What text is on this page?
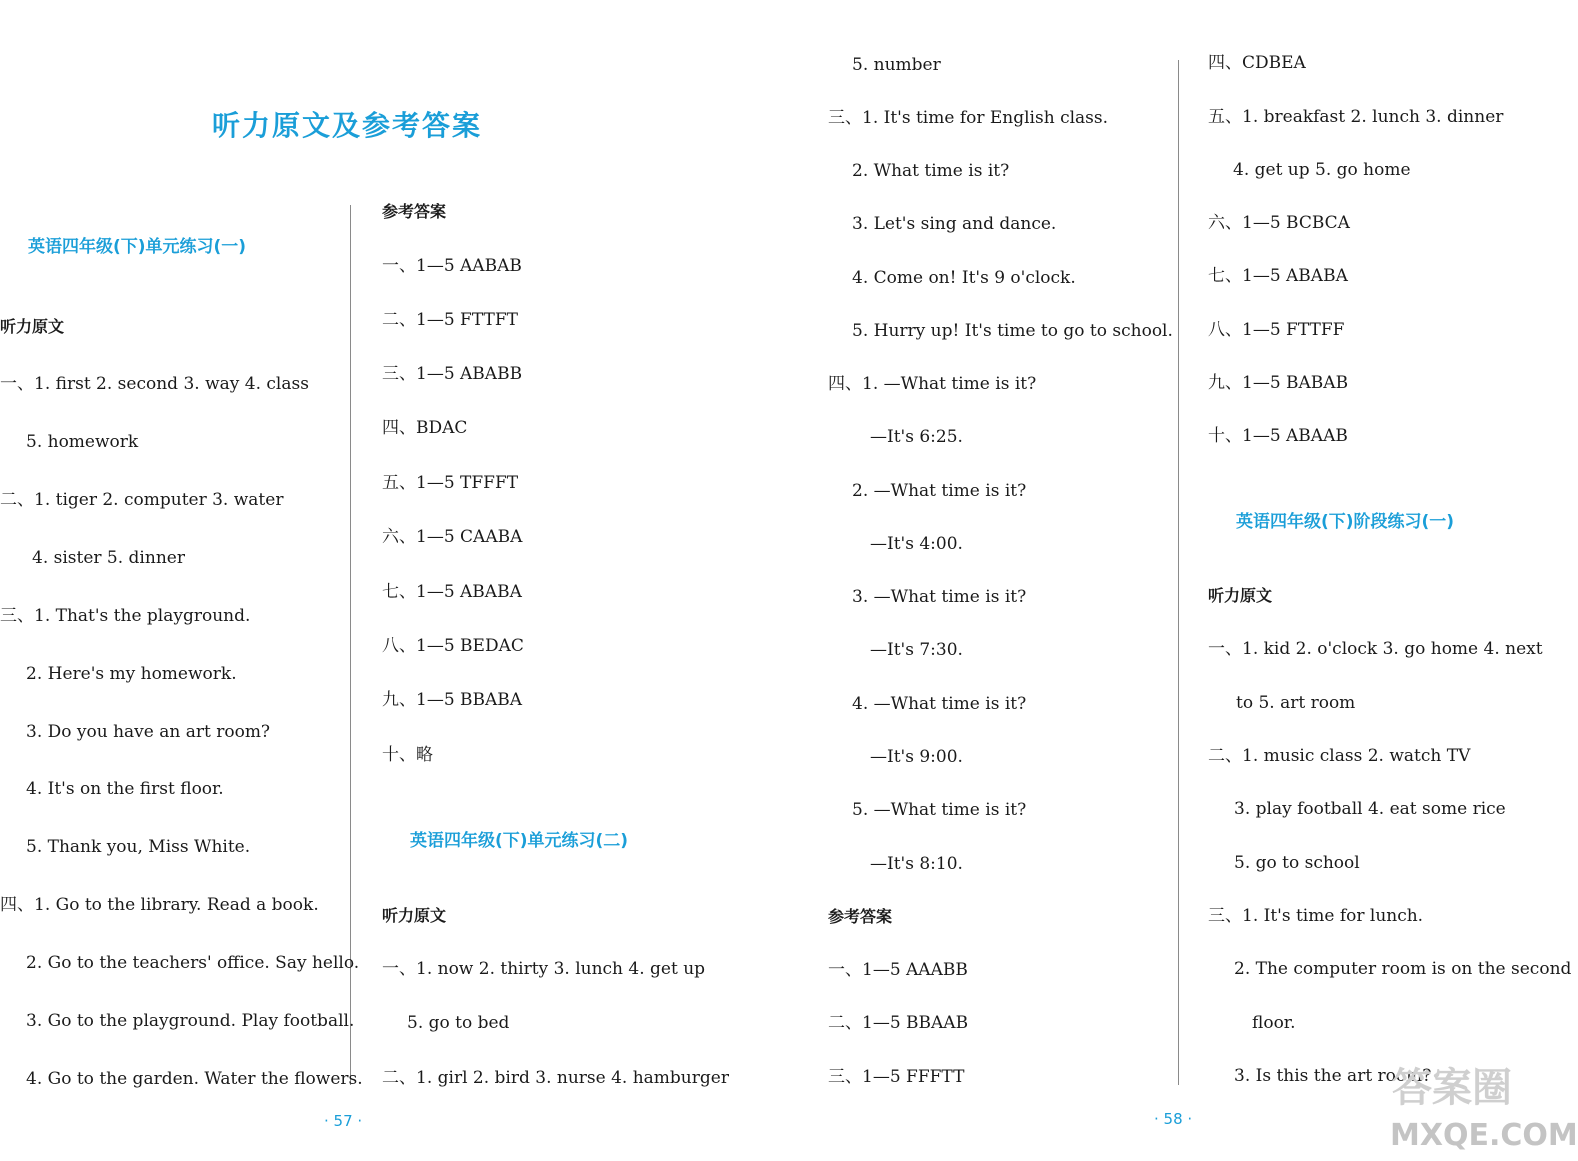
听力原文及参考答案
英语四年级(下)单元练习(一)
听力原文
一、1. first 2. second 3. way 4. class
5. homework
二、1. tiger 2. computer 3. water
4. sister 5. dinner
三、1. That's the playground.
2. Here's my homework.
3. Do you have an art room?
4. It's on the first floor.
5. Thank you, Miss White.
四、1. Go to the library. Read a book.
2. Go to the teachers' office. Say hello.
3. Go to the playground. Play football.
4. Go to the garden. Water the flowers.
参考答案
一、1—5 AABAB
二、1—5 FTTFT
三、1—5 ABABB
四、BDAC
五、1—5 TFFFT
六、1—5 CAABA
七、1—5 ABABA
八、1—5 BEDAC
九、1—5 BBABA
十、略
英语四年级(下)单元练习(二)
听力原文
一、1. now 2. thirty 3. lunch 4. get up
5. go to bed
二、1. girl 2. bird 3. nurse 4. hamburger
5. number
三、1. It's time for English class.
2. What time is it?
3. Let's sing and dance.
4. Come on! It's 9 o'clock.
5. Hurry up! It's time to go to school.
四、1. —What time is it?
—It's 6:25.
2. —What time is it?
—It's 4:00.
3. —What time is it?
—It's 7:30.
4. —What time is it?
—It's 9:00.
5. —What time is it?
—It's 8:10.
参考答案
一、1—5 AAABB
二、1—5 BBAAB
三、1—5 FFFTT
四、CDBEA
五、1. breakfast 2. lunch 3. dinner
4. get up 5. go home
六、1—5 BCBCA
七、1—5 ABABA
八、1—5 FTTFF
九、1—5 BABAB
十、1—5 ABAAB
英语四年级(下)阶段练习(一)
听力原文
一、1. kid 2. o'clock 3. go home 4. next
to 5. art room
二、1. music class 2. watch TV
3. play football 4. eat some rice
5. go to school
三、1. It's time for lunch.
2. The computer room is on the second
floor.
3. Is this the art room?
· 57 ·	· 58 ·
答案圈
MXQE.COM
